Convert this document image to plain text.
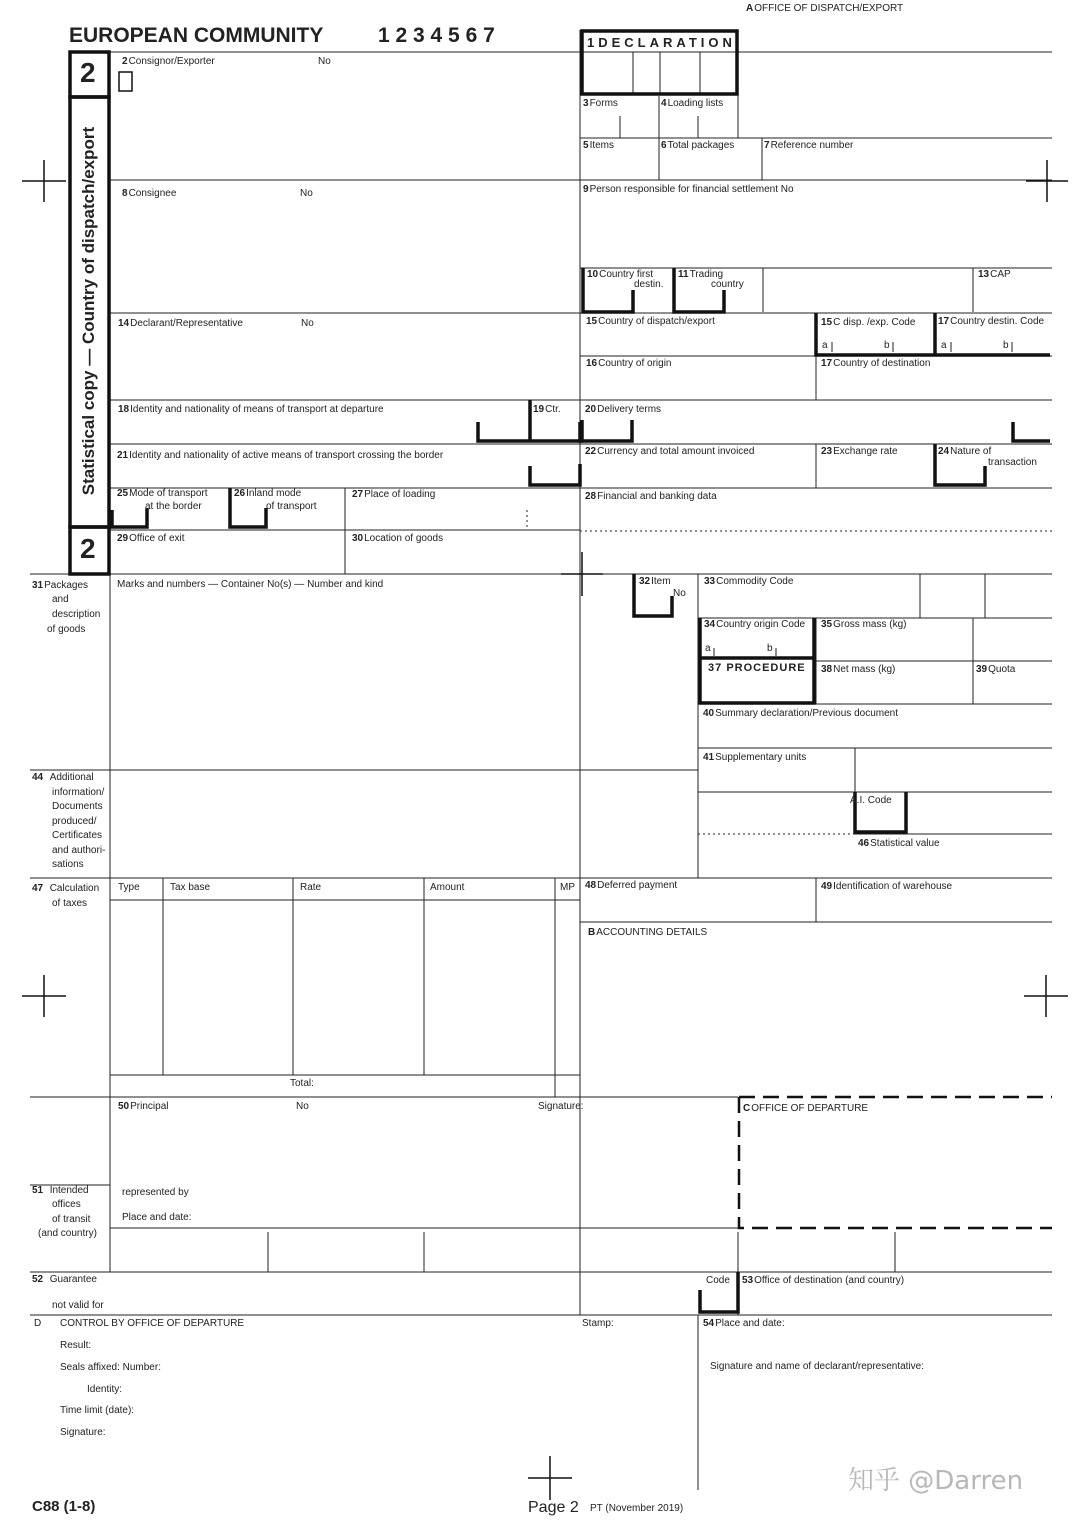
EUROPEAN COMMUNITY	1 2 3 4 5 6 7
2
2
Statistical copy — Country of dispatch/export
AOFFICE OF DISPATCH/EXPORT
1DECLARATION
2Consignor/Exporter	No
3Forms	4Loading lists
5Items	6Total packages	7Reference number
8Consignee	No	9Person responsible for financial settlement No
10Country first
destin.
11Trading
country
13CAP
14Declarant/Representative	No	15Country of dispatch/export	15C disp. /exp. Code 17Country destin. Code
a	b	a	b
16Country of origin	17Country of destination
18Identity and nationality of means of transport at departure	19Ctr. 20Delivery terms
21Identity and nationality of active means of transport crossing the border	22Currency and total amount invoiced	23Exchange rate	24Nature of
transaction
25Mode of transport
at the border
26Inland mode
of transport
27Place of loading	28Financial and banking data
29Office of exit	30Location of goods
31Packages
and
description
of goods
Marks and numbers — Container No(s) — Number and kind	32Item
No
33Commodity Code
34Country origin Code
a	b
35Gross mass (kg)
37 PROCEDURE 38Net mass (kg)	39Quota
40Summary declaration/Previous document
41Supplementary units
A.I. Code
46Statistical value
44 Additional
information/
Documents
produced/
Certificates
and authori-
sations
47 Calculation
of taxes
Type	Tax base	Rate	Amount	MP
Total:
48Deferred payment	49Identification of warehouse
BACCOUNTING DETAILS
50Principal	No	Signature:
represented by
Place and date:
COFFICE OF DEPARTURE
51 Intended
offices
of transit
(and country)
52 Guarantee
not valid for
Code 53Office of destination (and country)
D CONTROL BY OFFICE OF DEPARTURE	Stamp:
Result:
Seals affixed: Number:
Identity:
Time limit (date):
Signature:
54Place and date:
Signature and name of declarant/representative:
C88 (1-8)	Page 2 PT (November 2019)
知乎 @Darren
